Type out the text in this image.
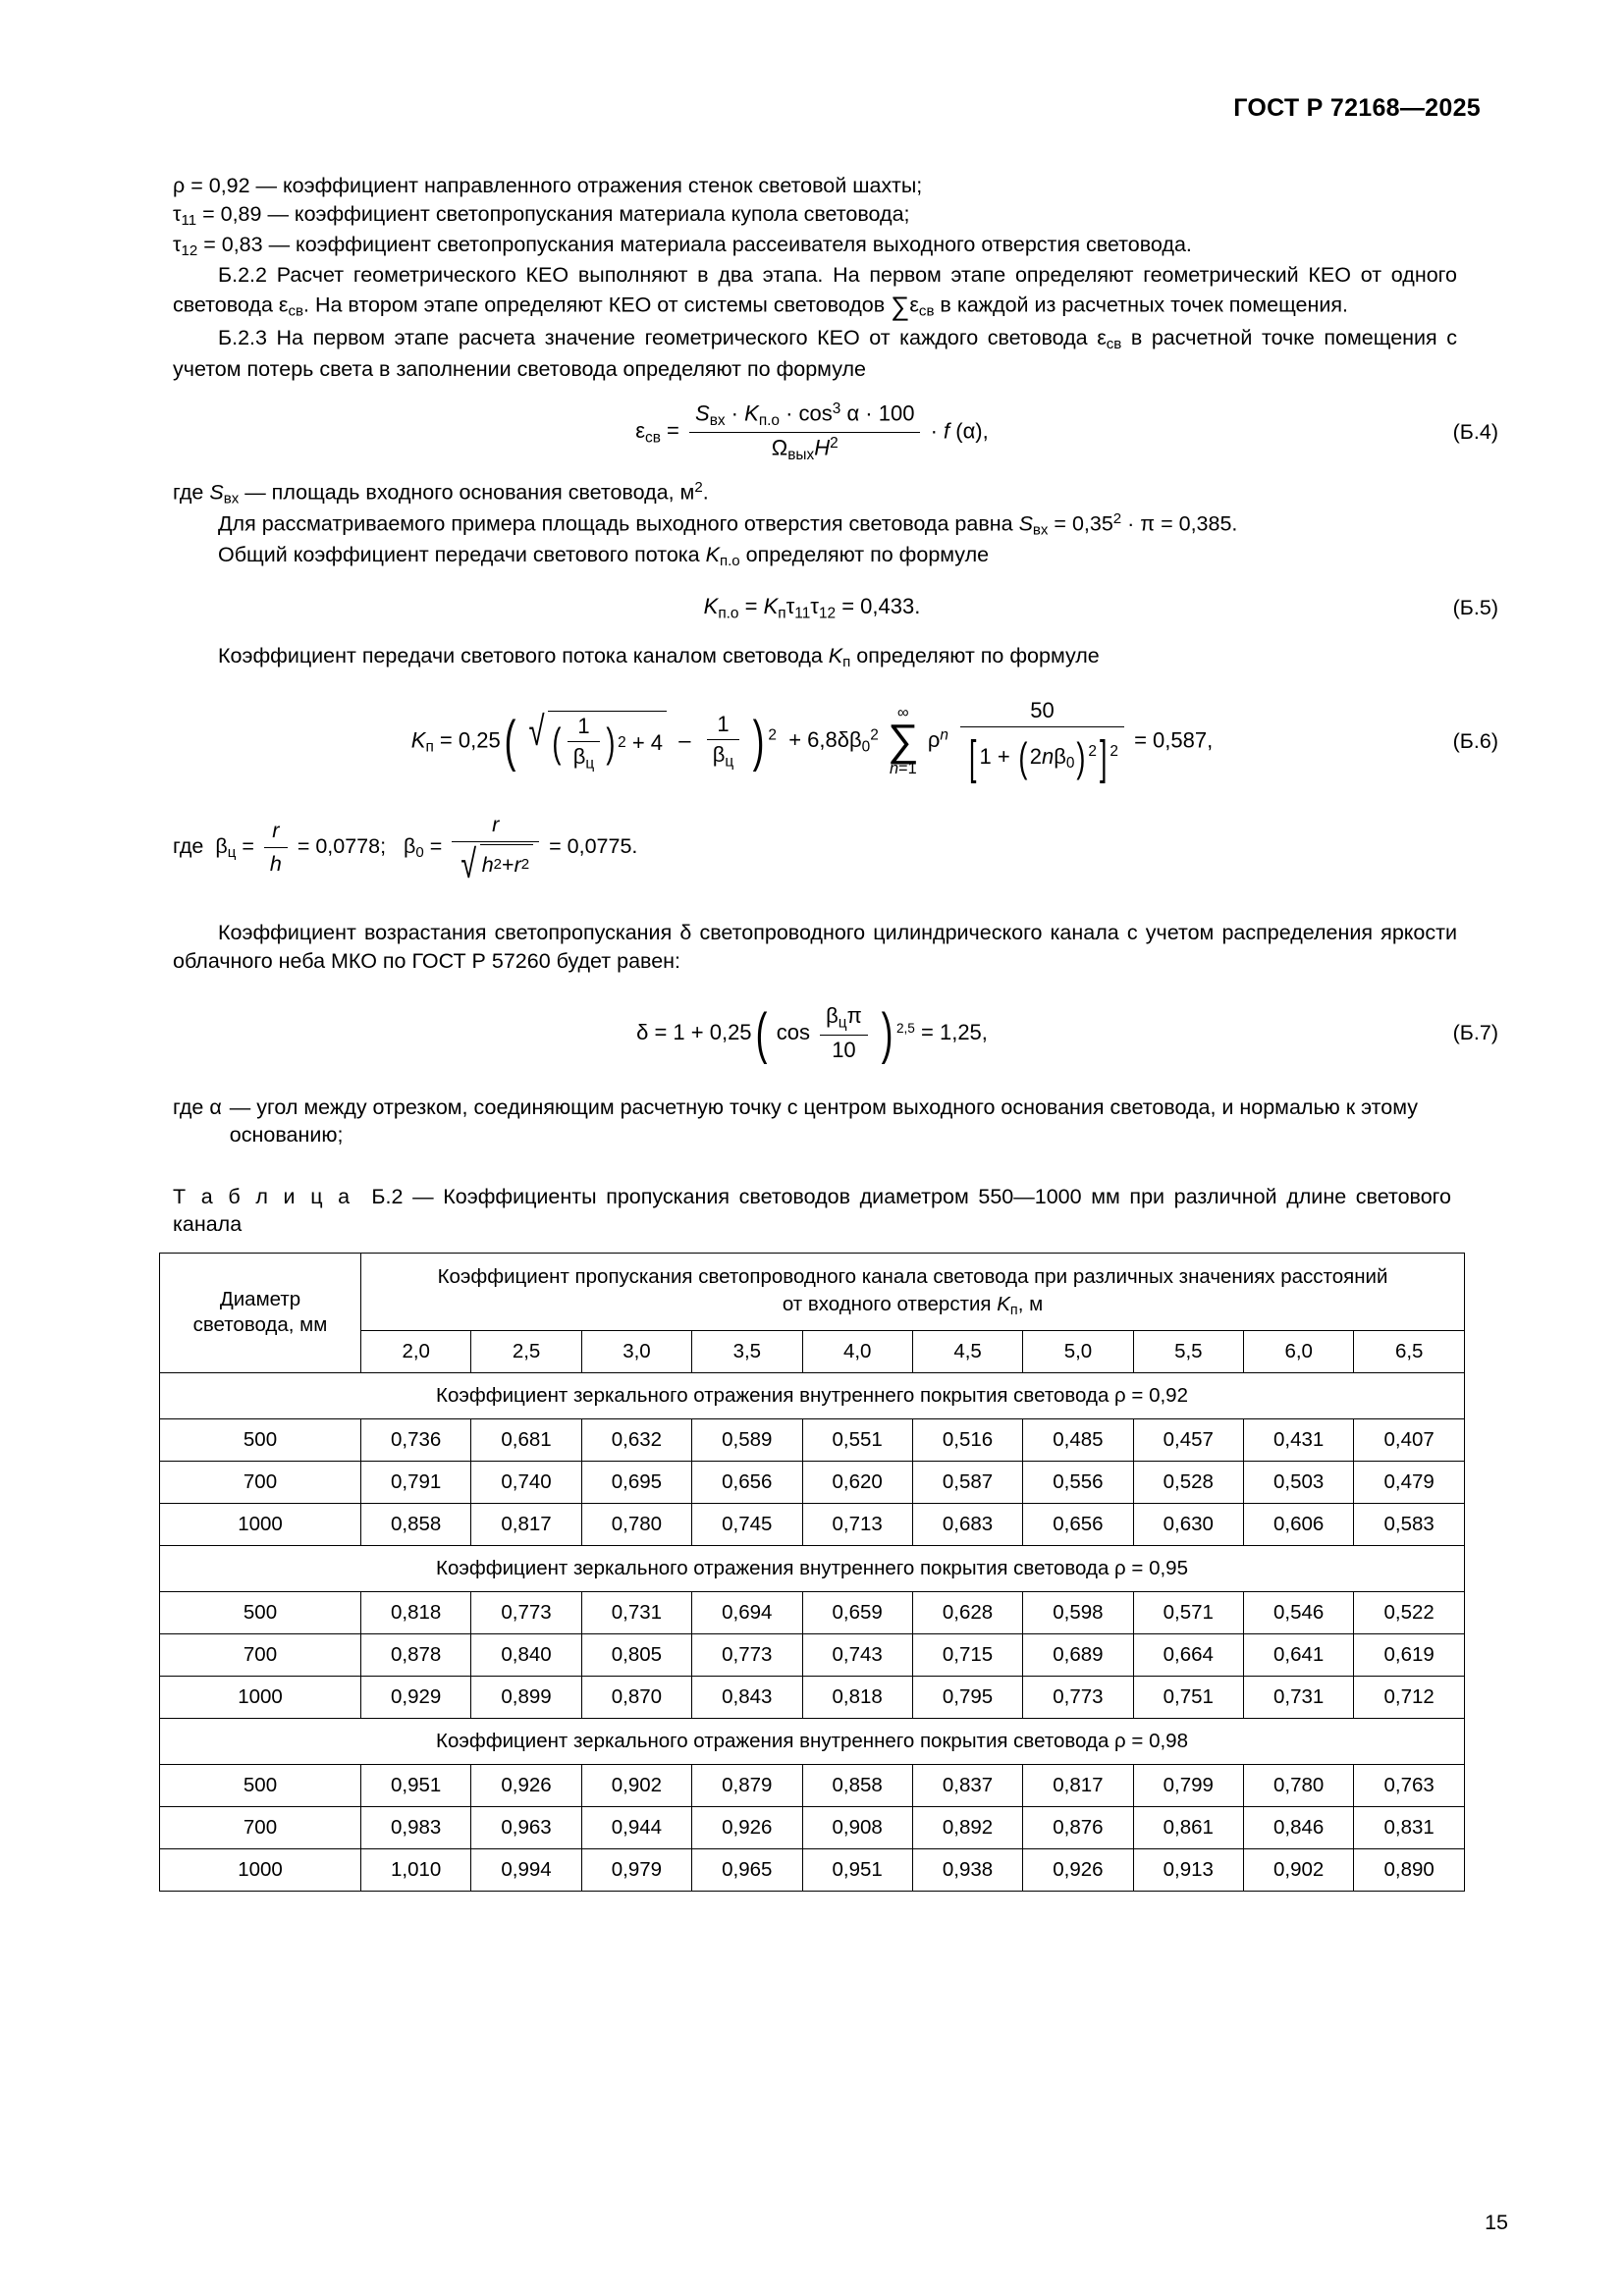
ГОСТ Р 72168—2025

ρ = 0,92 — коэффициент направленного отражения стенок световой шахты;

$\tau_{11} = 0,89$ — коэффициент светопропускания материала купола световода;

$\tau_{12} = 0,83$ — коэффициент светопропускания материала рассеивателя выходного отверстия световода.

Б.2.2 Расчет геометрического КЕО выполняют в два этапа. На первом этапе определяют геометрический КЕО от одного световода $\varepsilon_{св}$. На втором этапе определяют КЕО от системы световодов $\sum\varepsilon_{св}$ в каждой из расчетных точек помещения.

Б.2.3 На первом этапе расчета значение геометрического КЕО от каждого световода $\varepsilon_{св}$ в расчетной точке помещения с учетом потерь света в заполнении световода определяют по формуле

$\varepsilon_{св} = \frac{S_{вх} \cdot K_{п.о} \cdot \cos^3 \alpha \cdot 100}{\Omega_{вых}H^2} \cdot f$ (α),	(Б.4)
где $S_{вх}$ — площадь входного основания световода, $м^2$.

Для рассматриваемого примера площадь выходного отверстия световода равна $S_{вх} = 0,35^2 \cdot \pi = 0,385$.

Общий коэффициент передачи светового потока $K_{п.о}$ определяют по формуле

$K_{п.о} = K_п\tau_{11}\tau_{12} = 0,433$.	(Б.5)

Коэффициент передачи светового потока каналом световода $K_п$ определяют по формуле

$K_п = 0,25$( √ ( $\frac{1}{\beta_ц}$ ) $2 + 4 - \frac{1}{\beta_ц}$ ) $^2 + 6,8\delta\beta_0^2$
∞
∑
n=1
$\rho^n \frac{50}{[ 1 + ( 2n\beta_0) ^2] ^2} = 0,587$,	(Б.6)
где  $\beta_ц = \frac{r}{h} = 0,0778$;   $\beta_0 = \frac{r}{√ h 2 + r 2} = 0,0775$.

Коэффициент возрастания светопропускания δ светопроводного цилиндрического канала с учетом распределения яркости облачного неба МКО по ГОСТ Р 57260 будет равен:

δ = 1 + 0,25( $\cos \frac{\beta_ц\pi}{10}$ ) $^{2,5}$ = 1,25,	(Б.7)
где α — угол между отрезком, соединяющим расчетную точку с центром выходного основания световода, и нормалью к этому основанию;
Т а б л и ц а  Б.2 — Коэффициенты пропускания световодов диаметром 550—1000 мм при различной длине светового канала
Диаметр
световода, мм	Коэффициент пропускания светопроводного канала световода при различных значениях расстояний
от входного отверстия $K_п$, м									
	2,0	2,5	3,0	3,5	4,0	4,5	5,0	5,5	6,0	6,5
Коэффициент зеркального отражения внутреннего покрытия световода ρ = 0,92										
500	0,736	0,681	0,632	0,589	0,551	0,516	0,485	0,457	0,431	0,407
700	0,791	0,740	0,695	0,656	0,620	0,587	0,556	0,528	0,503	0,479
1000	0,858	0,817	0,780	0,745	0,713	0,683	0,656	0,630	0,606	0,583
Коэффициент зеркального отражения внутреннего покрытия световода ρ = 0,95										
500	0,818	0,773	0,731	0,694	0,659	0,628	0,598	0,571	0,546	0,522
700	0,878	0,840	0,805	0,773	0,743	0,715	0,689	0,664	0,641	0,619
1000	0,929	0,899	0,870	0,843	0,818	0,795	0,773	0,751	0,731	0,712
Коэффициент зеркального отражения внутреннего покрытия световода ρ = 0,98										
500	0,951	0,926	0,902	0,879	0,858	0,837	0,817	0,799	0,780	0,763
700	0,983	0,963	0,944	0,926	0,908	0,892	0,876	0,861	0,846	0,831
1000	1,010	0,994	0,979	0,965	0,951	0,938	0,926	0,913	0,902	0,890
15
